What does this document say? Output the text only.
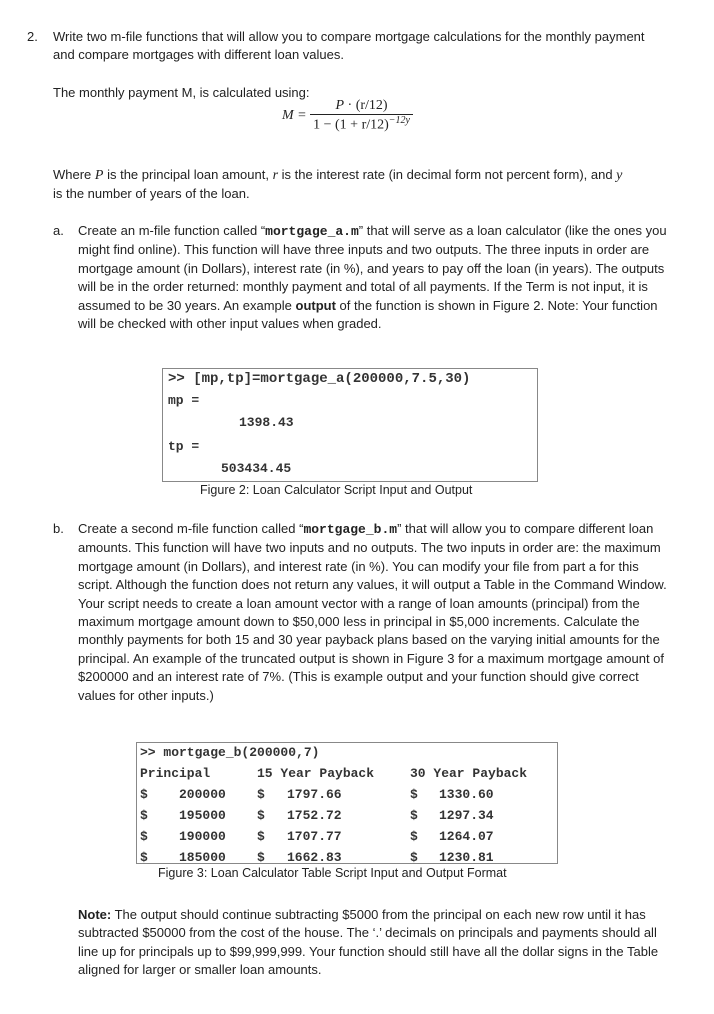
2. Write two m-file functions that will allow you to compare mortgage calculations for the monthly payment and compare mortgages with different loan values.
The monthly payment M, is calculated using:
$M = \frac{P \cdot (r/12)}{1 - (1 + r/12)^{-12y}}$
Where P is the principal loan amount, r is the interest rate (in decimal form not percent form), and y
is the number of years of the loan.
a. Create an m-file function called “mortgage_a.m” that will serve as a loan calculator (like the ones you might find online). This function will have three inputs and two outputs. The three inputs in order are mortgage amount (in Dollars), interest rate (in %), and years to pay off the loan (in years). The outputs will be in the order returned: monthly payment and total of all payments. If the Term is not input, it is assumed to be 30 years. An example output of the function is shown in Figure 2. Note: Your function will be checked with other input values when graded.
>> [mp,tp]=mortgage_a(200000,7.5,30)
mp =
1398.43
tp =
503434.45
Figure 2: Loan Calculator Script Input and Output
b. Create a second m-file function called “mortgage_b.m” that will allow you to compare different loan amounts. This function will have two inputs and no outputs. The two inputs in order are: the maximum mortgage amount (in Dollars), and interest rate (in %). You can modify your file from part a for this script. Although the function does not return any values, it will output a Table in the Command Window. Your script needs to create a loan amount vector with a range of loan amounts (principal) from the maximum mortgage amount down to $50,000 less in principal in $5,000 increments. Calculate the monthly payments for both 15 and 30 year payback plans based on the varying initial amounts for the principal. An example of the truncated output is shown in Figure 3 for a maximum mortgage amount of $200000 and an interest rate of 7%. (This is example output and your function should give correct values for other inputs.)
>> mortgage_b(200000,7)
Principal	15 Year Payback	30 Year Payback
$ 200000 $ 1797.66	$ 1330.60
$ 195000 $ 1752.72	$ 1297.34
$ 190000 $ 1707.77	$ 1264.07
$ 185000 $ 1662.83	$ 1230.81
Figure 3: Loan Calculator Table Script Input and Output Format
Note: The output should continue subtracting $5000 from the principal on each new row until it has subtracted $50000 from the cost of the house. The ‘.’ decimals on principals and payments should all line up for principals up to $99,999,999. Your function should still have all the dollar signs in the Table aligned for larger or smaller loan amounts.
